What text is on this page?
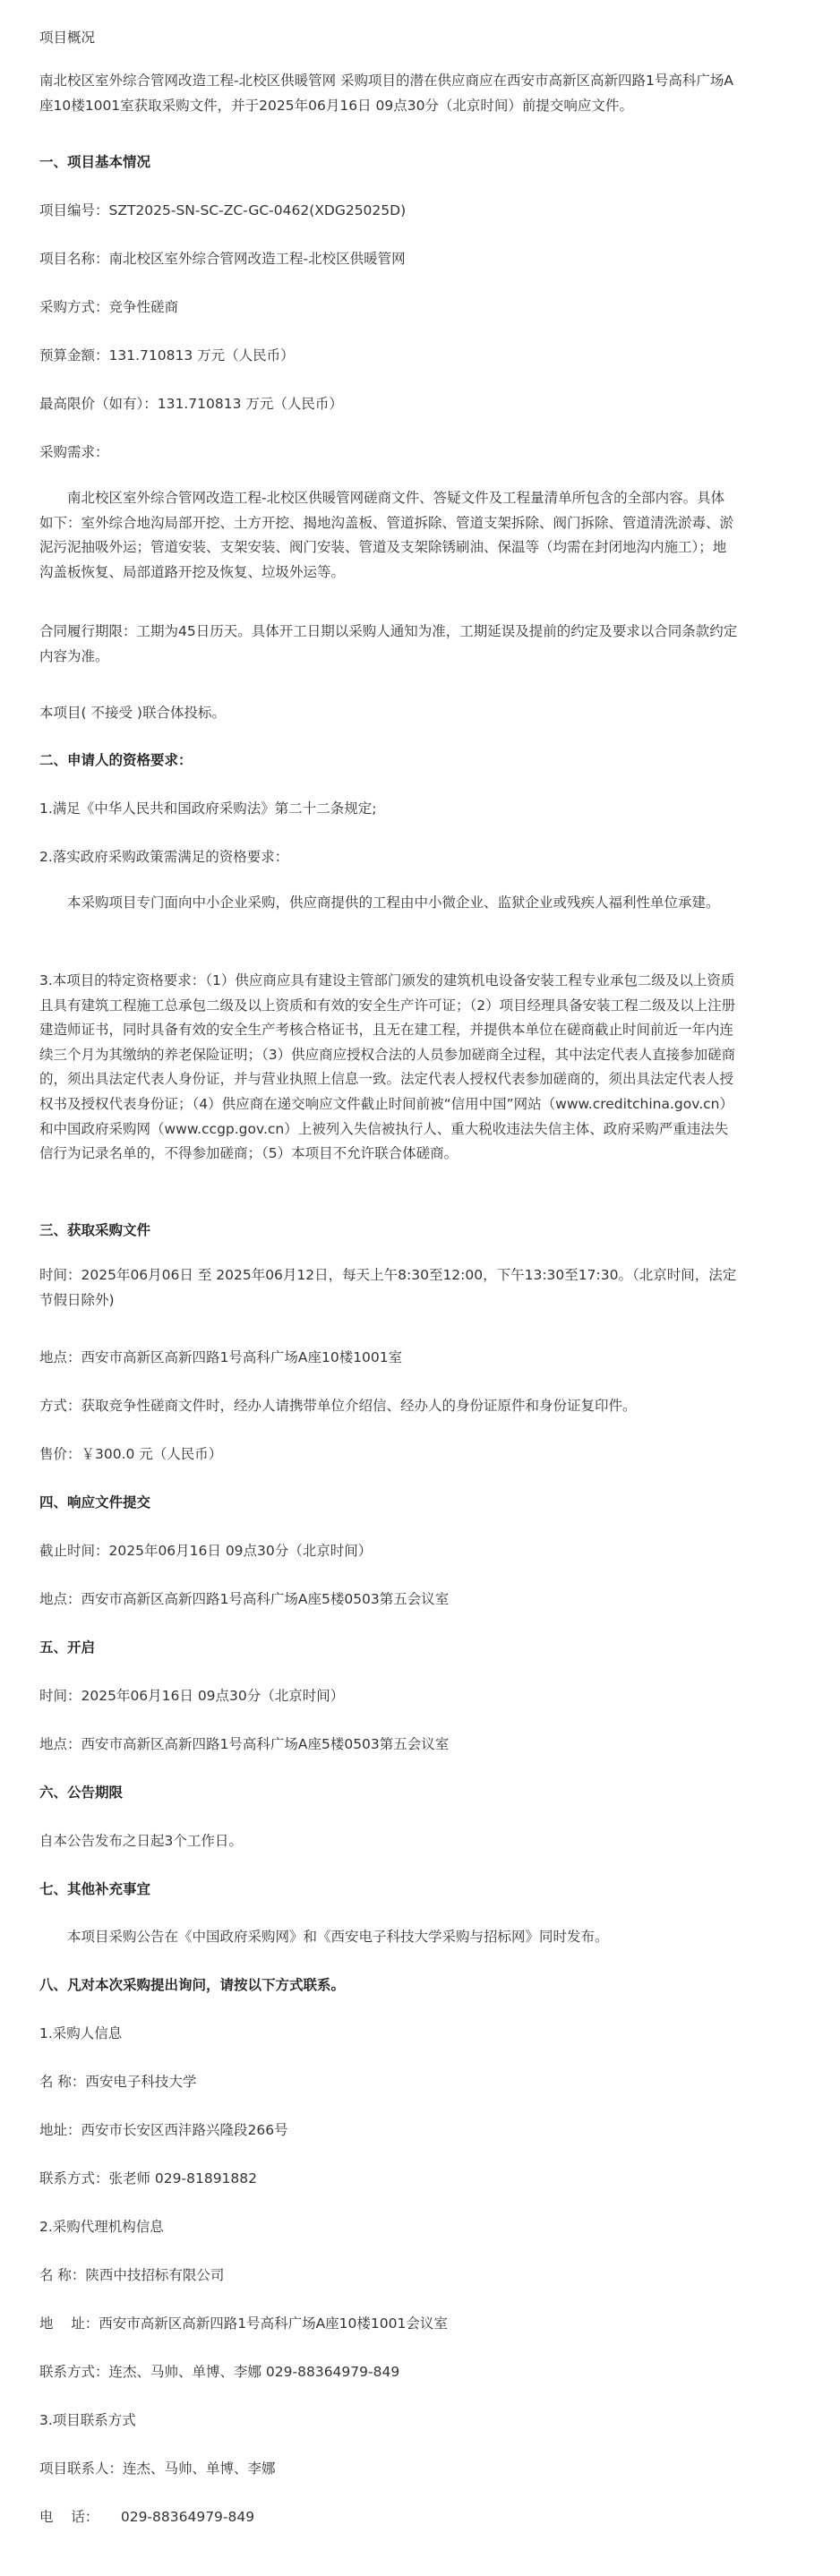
项目概况

南北校区室外综合管网改造工程-北校区供暖管网 采购项目的潜在供应商应在西安市高新区高新四路1号高科广场A座10楼1001室获取采购文件，并于2025年06月16日 09点30分（北京时间）前提交响应文件。

一、项目基本情况

项目编号：SZT2025-SN-SC-ZC-GC-0462(XDG25025D)

项目名称：南北校区室外综合管网改造工程-北校区供暖管网

采购方式：竞争性磋商

预算金额：131.710813 万元（人民币）

最高限价（如有）：131.710813 万元（人民币）

采购需求：

南北校区室外综合管网改造工程-北校区供暖管网磋商文件、答疑文件及工程量清单所包含的全部内容。具体如下：室外综合地沟局部开挖、土方开挖、揭地沟盖板、管道拆除、管道支架拆除、阀门拆除、管道清洗淤毒、淤泥污泥抽吸外运；管道安装、支架安装、阀门安装、管道及支架除锈刷油、保温等（均需在封闭地沟内施工）；地沟盖板恢复、局部道路开挖及恢复、垃圾外运等。

合同履行期限：工期为45日历天。具体开工日期以采购人通知为准，工期延误及提前的约定及要求以合同条款约定内容为准。

本项目( 不接受 )联合体投标。

二、申请人的资格要求：

1.满足《中华人民共和国政府采购法》第二十二条规定;

2.落实政府采购政策需满足的资格要求：

本采购项目专门面向中小企业采购，供应商提供的工程由中小微企业、监狱企业或残疾人福利性单位承建。

3.本项目的特定资格要求：（1）供应商应具有建设主管部门颁发的建筑机电设备安装工程专业承包二级及以上资质且具有建筑工程施工总承包二级及以上资质和有效的安全生产许可证；（2）项目经理具备安装工程二级及以上注册建造师证书，同时具备有效的安全生产考核合格证书，且无在建工程，并提供本单位在磋商截止时间前近一年内连续三个月为其缴纳的养老保险证明；（3）供应商应授权合法的人员参加磋商全过程，其中法定代表人直接参加磋商的，须出具法定代表人身份证，并与营业执照上信息一致。法定代表人授权代表参加磋商的，须出具法定代表人授权书及授权代表身份证；（4）供应商在递交响应文件截止时间前被“信用中国”网站（www.creditchina.gov.cn）和中国政府采购网（www.ccgp.gov.cn）上被列入失信被执行人、重大税收违法失信主体、政府采购严重违法失信行为记录名单的，不得参加磋商；（5）本项目不允许联合体磋商。

三、获取采购文件

时间：2025年06月06日 至 2025年06月12日，每天上午8:30至12:00，下午13:30至17:30。（北京时间，法定节假日除外)

地点：西安市高新区高新四路1号高科广场A座10楼1001室

方式：获取竞争性磋商文件时，经办人请携带单位介绍信、经办人的身份证原件和身份证复印件。

售价：￥300.0 元（人民币）

四、响应文件提交

截止时间：2025年06月16日 09点30分（北京时间）

地点：西安市高新区高新四路1号高科广场A座5楼0503第五会议室

五、开启

时间：2025年06月16日 09点30分（北京时间）

地点：西安市高新区高新四路1号高科广场A座5楼0503第五会议室

六、公告期限

自本公告发布之日起3个工作日。

七、其他补充事宜

本项目采购公告在《中国政府采购网》和《西安电子科技大学采购与招标网》同时发布。

八、凡对本次采购提出询问，请按以下方式联系。

1.采购人信息

名 称：西安电子科技大学

地址：西安市长安区西沣路兴隆段266号

联系方式：张老师 029-81891882

2.采购代理机构信息

名 称：陕西中技招标有限公司

地    址：西安市高新区高新四路1号高科广场A座10楼1001会议室

联系方式：连杰、马帅、单博、李娜 029-88364979-849

3.项目联系方式

项目联系人：连杰、马帅、单博、李娜

电    话：     029-88364979-849
